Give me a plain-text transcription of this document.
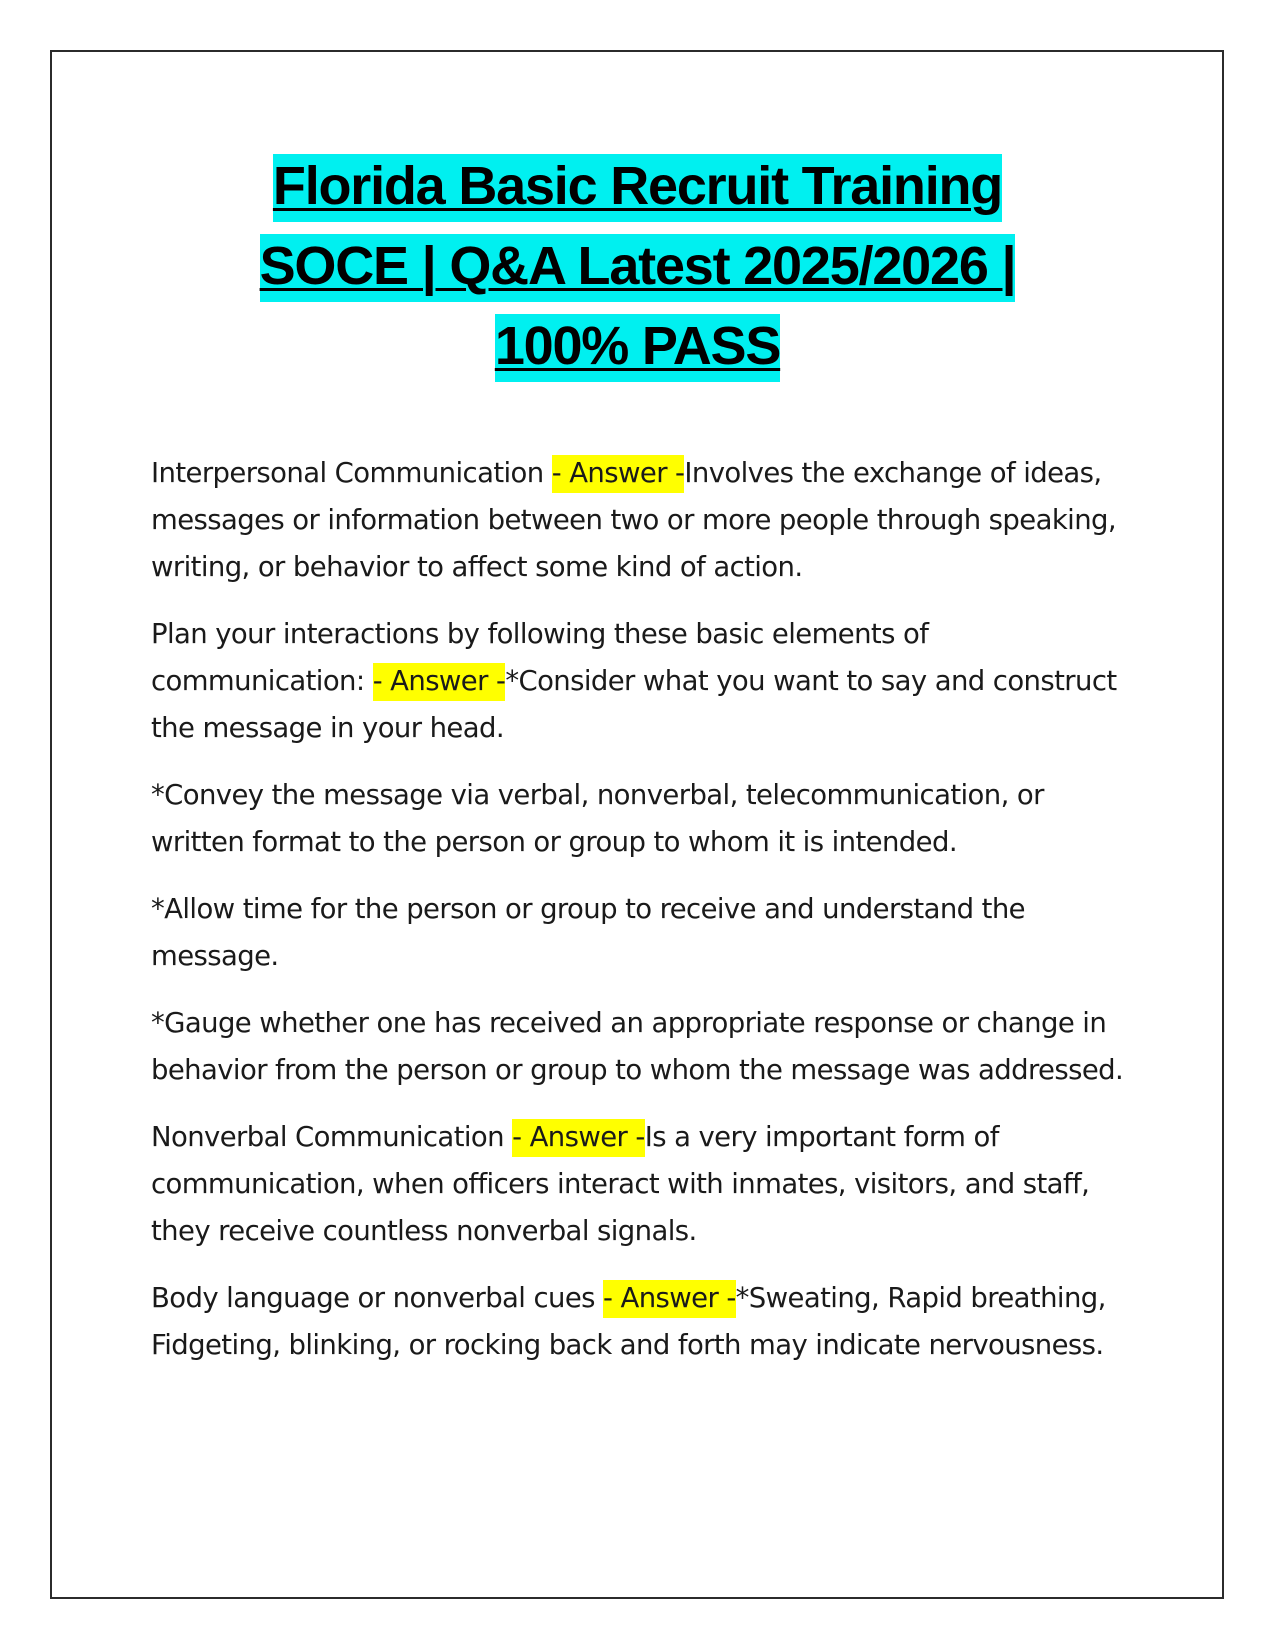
Florida Basic Recruit Training
SOCE | Q&A Latest 2025/2026 |
100% PASS

Interpersonal Communication - Answer -Involves the exchange of ideas, messages or information between two or more people through speaking, writing, or behavior to affect some kind of action.

Plan your interactions by following these basic elements of communication: - Answer -*Consider what you want to say and construct the message in your head.

*Convey the message via verbal, nonverbal, telecommunication, or written format to the person or group to whom it is intended.

*Allow time for the person or group to receive and understand the message.

*Gauge whether one has received an appropriate response or change in behavior from the person or group to whom the message was addressed.

Nonverbal Communication - Answer -Is a very important form of communication, when officers interact with inmates, visitors, and staff, they receive countless nonverbal signals.

Body language or nonverbal cues - Answer -*Sweating, Rapid breathing, Fidgeting, blinking, or rocking back and forth may indicate nervousness.
